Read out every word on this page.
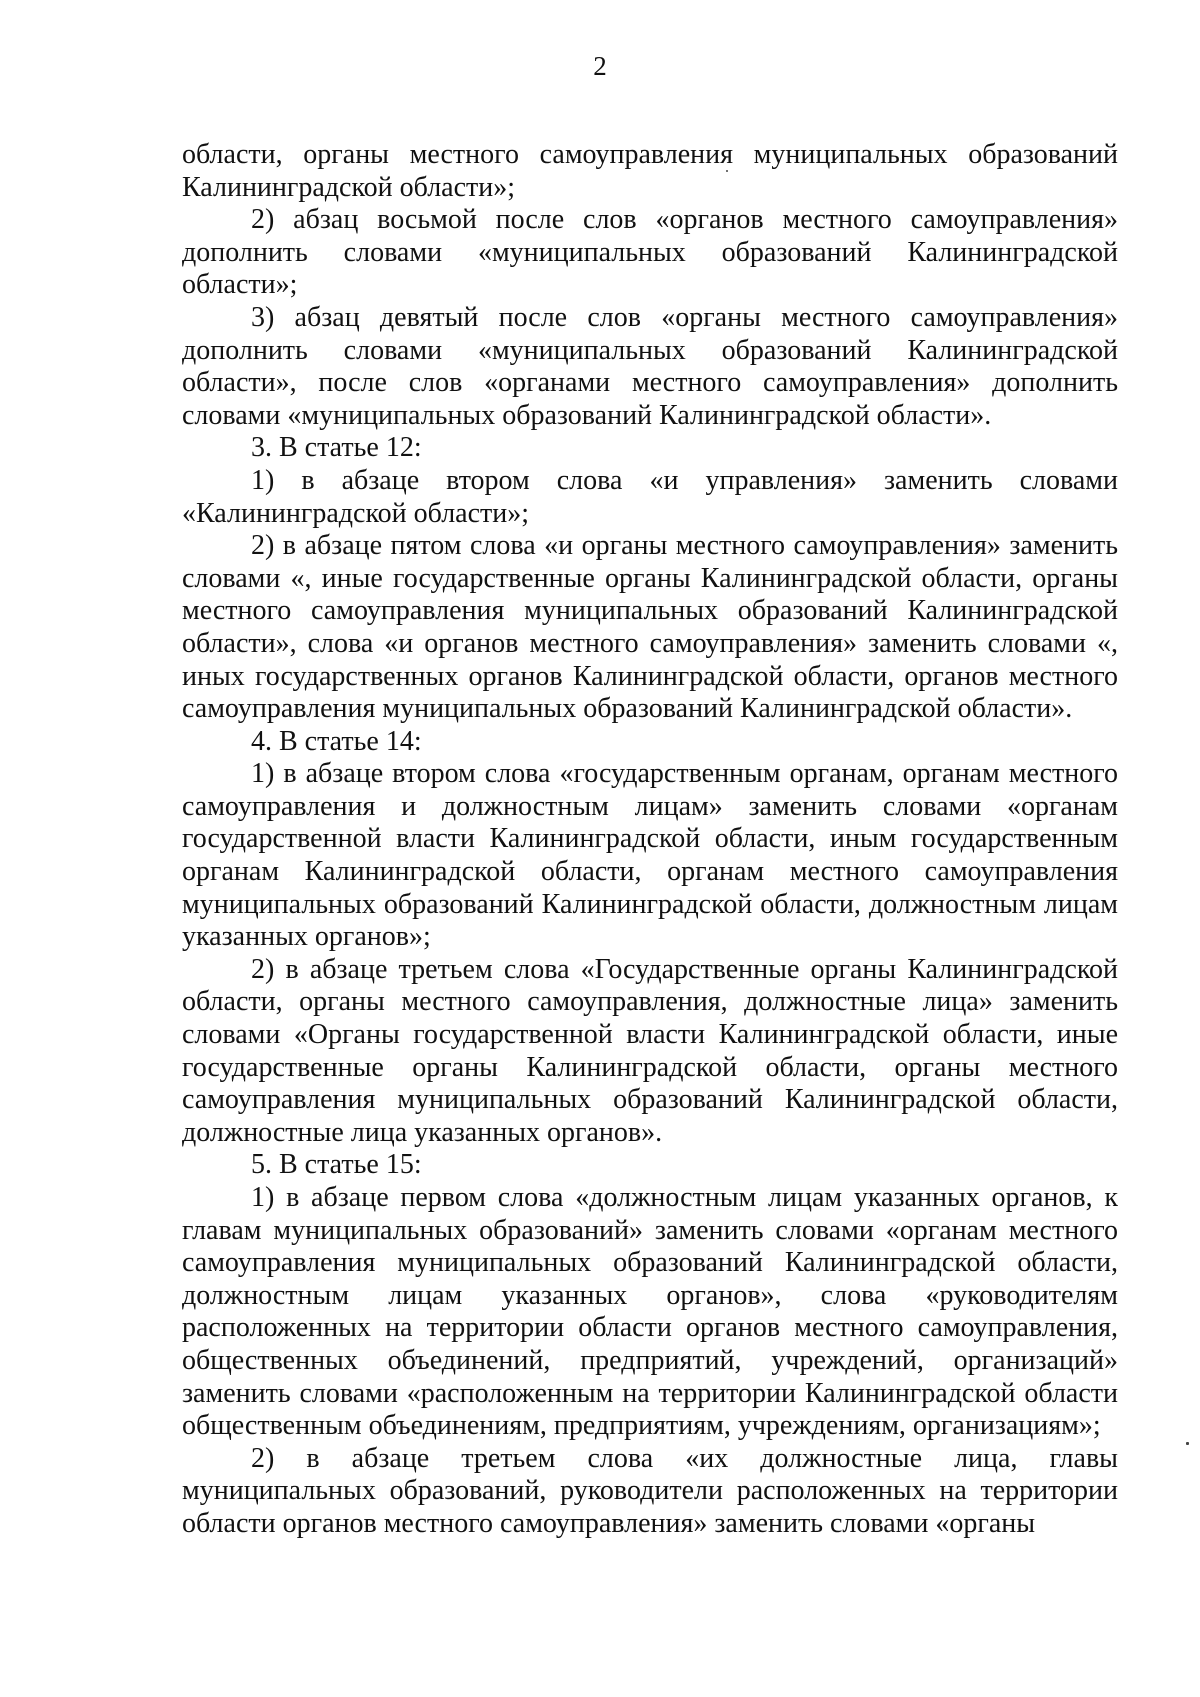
2

области, органы местного самоуправления муниципальных образований Калининградской области»;

2) абзац восьмой после слов «органов местного самоуправления» дополнить словами «муниципальных образований Калининградской области»;

3) абзац девятый после слов «органы местного самоуправления» дополнить словами «муниципальных образований Калининградской области», после слов «органами местного самоуправления» дополнить словами «муниципальных образований Калининградской области».

3. В статье 12:

1) в абзаце втором слова «и управления» заменить словами «Калининградской области»;

2) в абзаце пятом слова «и органы местного самоуправления» заменить словами «, иные государственные органы Калининградской области, органы местного самоуправления муниципальных образований Калининградской области», слова «и органов местного самоуправления» заменить словами «, иных государственных органов Калининградской области, органов местного самоуправления муниципальных образований Калининградской области».

4. В статье 14:

1) в абзаце втором слова «государственным органам, органам местного самоуправления и должностным лицам» заменить словами «органам государственной власти Калининградской области, иным государственным органам Калининградской области, органам местного самоуправления муниципальных образований Калининградской области, должностным лицам указанных органов»;

2) в абзаце третьем слова «Государственные органы Калининградской области, органы местного самоуправления, должностные лица» заменить словами «Органы государственной власти Калининградской области, иные государственные органы Калининградской области, органы местного самоуправления муниципальных образований Калининградской области, должностные лица указанных органов».

5. В статье 15:

1) в абзаце первом слова «должностным лицам указанных органов, к главам муниципальных образований» заменить словами «органам местного самоуправления муниципальных образований Калининградской области, должностным лицам указанных органов», слова «руководителям расположенных на территории области органов местного самоуправления, общественных объединений, предприятий, учреждений, организаций» заменить словами «расположенным на территории Калининградской области общественным объединениям, предприятиям, учреждениям, организациям»;

2) в абзаце третьем слова «их должностные лица, главы муниципальных образований, руководители расположенных на территории области органов местного самоуправления» заменить словами «органы
